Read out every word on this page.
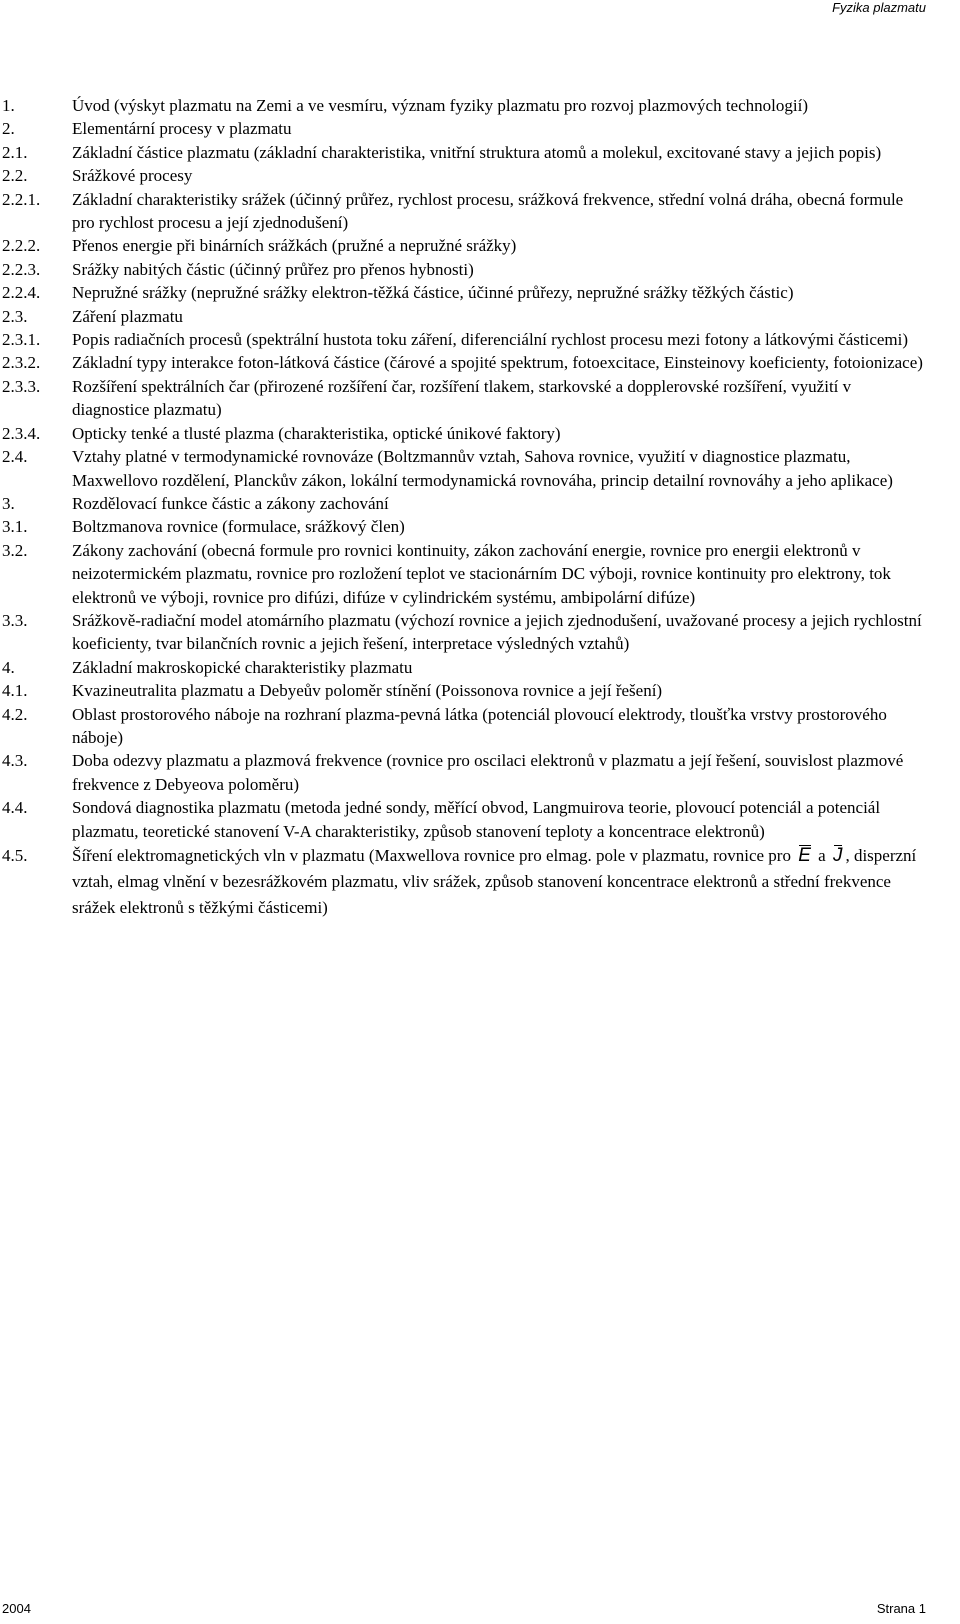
Fyzika plazmatu
1.	Úvod (výskyt plazmatu na Zemi a ve vesmíru, význam fyziky plazmatu pro rozvoj plazmových technologií)
2.	Elementární procesy v plazmatu
2.1.	Základní částice plazmatu (základní charakteristika, vnitřní struktura atomů a molekul, excitované stavy a jejich popis)
2.2.	Srážkové procesy
2.2.1.	Základní charakteristiky srážek (účinný průřez, rychlost procesu, srážková frekvence, střední volná dráha, obecná formule pro rychlost procesu a její zjednodušení)
2.2.2.	Přenos energie při binárních srážkách (pružné a nepružné srážky)
2.2.3.	Srážky nabitých částic (účinný průřez pro přenos hybnosti)
2.2.4.	Nepružné srážky (nepružné srážky elektron-těžká částice, účinné průřezy, nepružné srážky těžkých částic)
2.3.	Záření plazmatu
2.3.1.	Popis radiačních procesů (spektrální hustota toku záření, diferenciální rychlost procesu mezi fotony a látkovými částicemi)
2.3.2.	Základní typy interakce foton-látková částice (čárové a spojité spektrum, fotoexcitace, Einsteinovy koeficienty, fotoionizace)
2.3.3.	Rozšíření spektrálních čar (přirozené rozšíření čar, rozšíření tlakem, starkovské a dopplerovské rozšíření, využití v diagnostice plazmatu)
2.3.4.	Opticky tenké a tlusté plazma (charakteristika, optické únikové faktory)
2.4.	Vztahy platné v termodynamické rovnováze (Boltzmannův vztah, Sahova rovnice, využití v diagnostice plazmatu, Maxwellovo rozdělení, Planckův zákon, lokální termodynamická rovnováha, princip detailní rovnováhy a jeho aplikace)
3.	Rozdělovací funkce částic a zákony zachování
3.1.	Boltzmanova rovnice (formulace, srážkový člen)
3.2.	Zákony zachování (obecná formule pro rovnici kontinuity, zákon zachování energie, rovnice pro energii elektronů v neizotermickém plazmatu, rovnice pro rozložení teplot ve stacionárním DC výboji, rovnice kontinuity pro elektrony, tok elektronů ve výboji, rovnice pro difúzi, difúze v cylindrickém systému, ambipolární difúze)
3.3.	Srážkově-radiační model atomárního plazmatu (výchozí rovnice a jejich zjednodušení, uvažované procesy a jejich rychlostní koeficienty, tvar bilančních rovnic a jejich řešení, interpretace výsledných vztahů)
4.	Základní makroskopické charakteristiky plazmatu
4.1.	Kvazineutralita plazmatu a Debyeův poloměr stínění (Poissonova rovnice a její řešení)
4.2.	Oblast prostorového náboje na rozhraní plazma-pevná látka (potenciál plovoucí elektrody, tloušťka vrstvy prostorového náboje)
4.3.	Doba odezvy plazmatu a plazmová frekvence (rovnice pro oscilaci elektronů v plazmatu a její řešení, souvislost plazmové frekvence z Debyeova poloměru)
4.4.	Sondová diagnostika plazmatu (metoda jedné sondy, měřící obvod, Langmuirova teorie, plovoucí potenciál a potenciál plazmatu, teoretické stanovení V-A charakteristiky, způsob stanovení teploty a koncentrace elektronů)
4.5.	Šíření elektromagnetických vln v plazmatu (Maxwellova rovnice pro elmag. pole v plazmatu, rovnice pro E a J , disperzní vztah, elmag vlnění v bezesrážkovém plazmatu, vliv srážek, způsob stanovení koncentrace elektronů a střední frekvence srážek elektronů s těžkými částicemi)
2004	Strana 1
